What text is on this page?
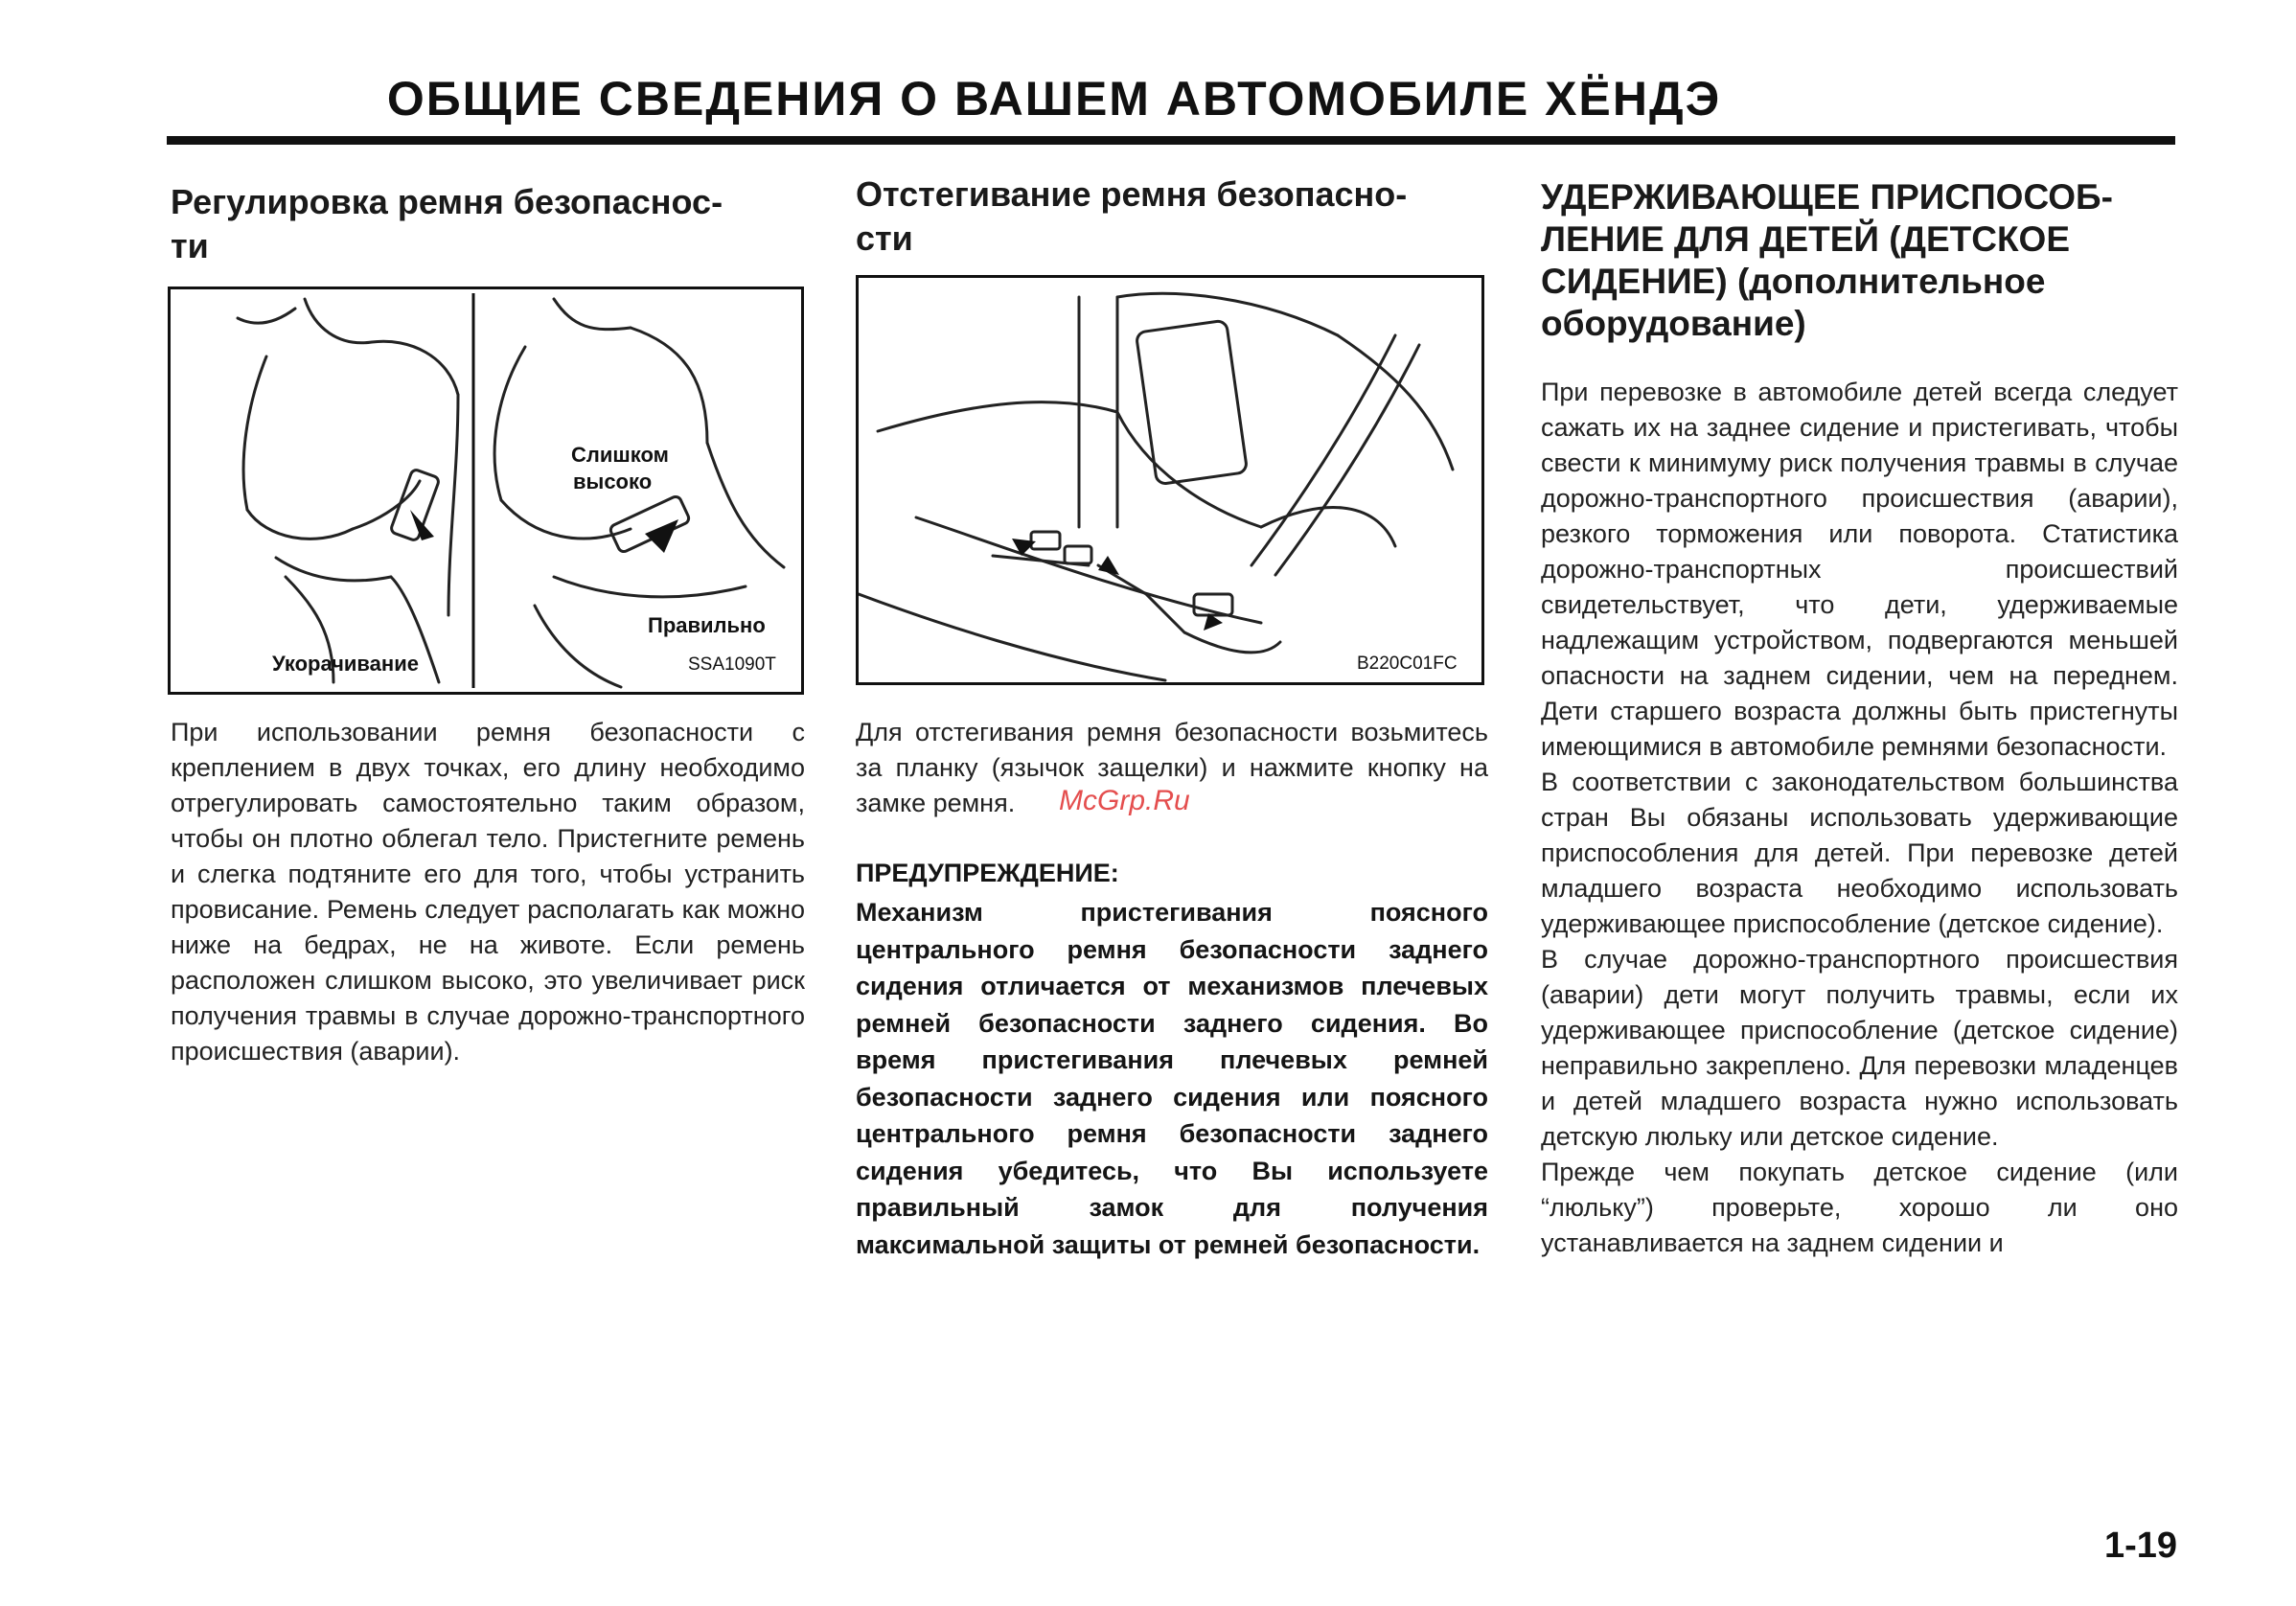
ОБЩИЕ СВЕДЕНИЯ О ВАШЕМ АВТОМОБИЛЕ ХЁНДЭ

Регулировка ремня безопаснос-

ти

Укорачивание
Слишком
высоко
Правильно
SSA1090T

При использовании ремня безопасности с креплением в двух точках, его длину необходимо отрегулировать самостоятельно таким образом, чтобы он плотно облегал тело. Пристегните ремень и слегка подтяните его для того, чтобы устранить провисание. Ремень следует располагать как можно ниже на бедрах, не на животе. Если ремень расположен слишком высоко, это увеличивает риск получения травмы в случае дорожно-транспортного происшествия (аварии).

Отстегивание ремня безопасно-

сти

B220C01FC

Для отстегивания ремня безопасности возьмитесь за планку (язычок защелки) и нажмите кнопку на замке ремня.

ПРЕДУПРЕЖДЕНИЕ:

Механизм пристегивания поясного центрального ремня безопасности заднего сидения отличается от механизмов плечевых ремней безопасности заднего сидения. Во время пристегивания плечевых ремней безопасности заднего сидения или поясного центрального ремня безопасности заднего сидения убедитесь, что Вы используете правильный замок для получения максимальной защиты от ремней безопасности.

McGrp.Ru

УДЕРЖИВАЮЩЕЕ ПРИСПОСОБ-

ЛЕНИЕ ДЛЯ ДЕТЕЙ (ДЕТСКОЕ

СИДЕНИЕ) (дополнительное

оборудование)

При перевозке в автомобиле детей всегда следует сажать их на заднее сидение и пристегивать, чтобы свести к минимуму риск получения травмы в случае дорожно-транспортного происшествия (аварии), резкого торможения или поворота. Статистика дорожно-транспортных происшествий свидетельствует, что дети, удерживаемые надлежащим устройством, подвергаются меньшей опасности на заднем сидении, чем на переднем. Дети старшего возраста должны быть пристегнуты имеющимися в автомобиле ремнями безопасности.

В соответствии с законодательством большинства стран Вы обязаны использовать удерживающие приспособления для детей. При перевозке детей младшего возраста необходимо использовать удерживающее приспособление (детское сидение).

В случае дорожно-транспортного происшествия (аварии) дети могут получить травмы, если их удерживающее приспособление (детское сидение) неправильно закреплено. Для перевозки младенцев и детей младшего возраста нужно использовать детскую люльку или детское сидение.

Прежде чем покупать детское сидение (или “люльку”) проверьте, хорошо ли оно устанавливается на заднем сидении и

1-19
